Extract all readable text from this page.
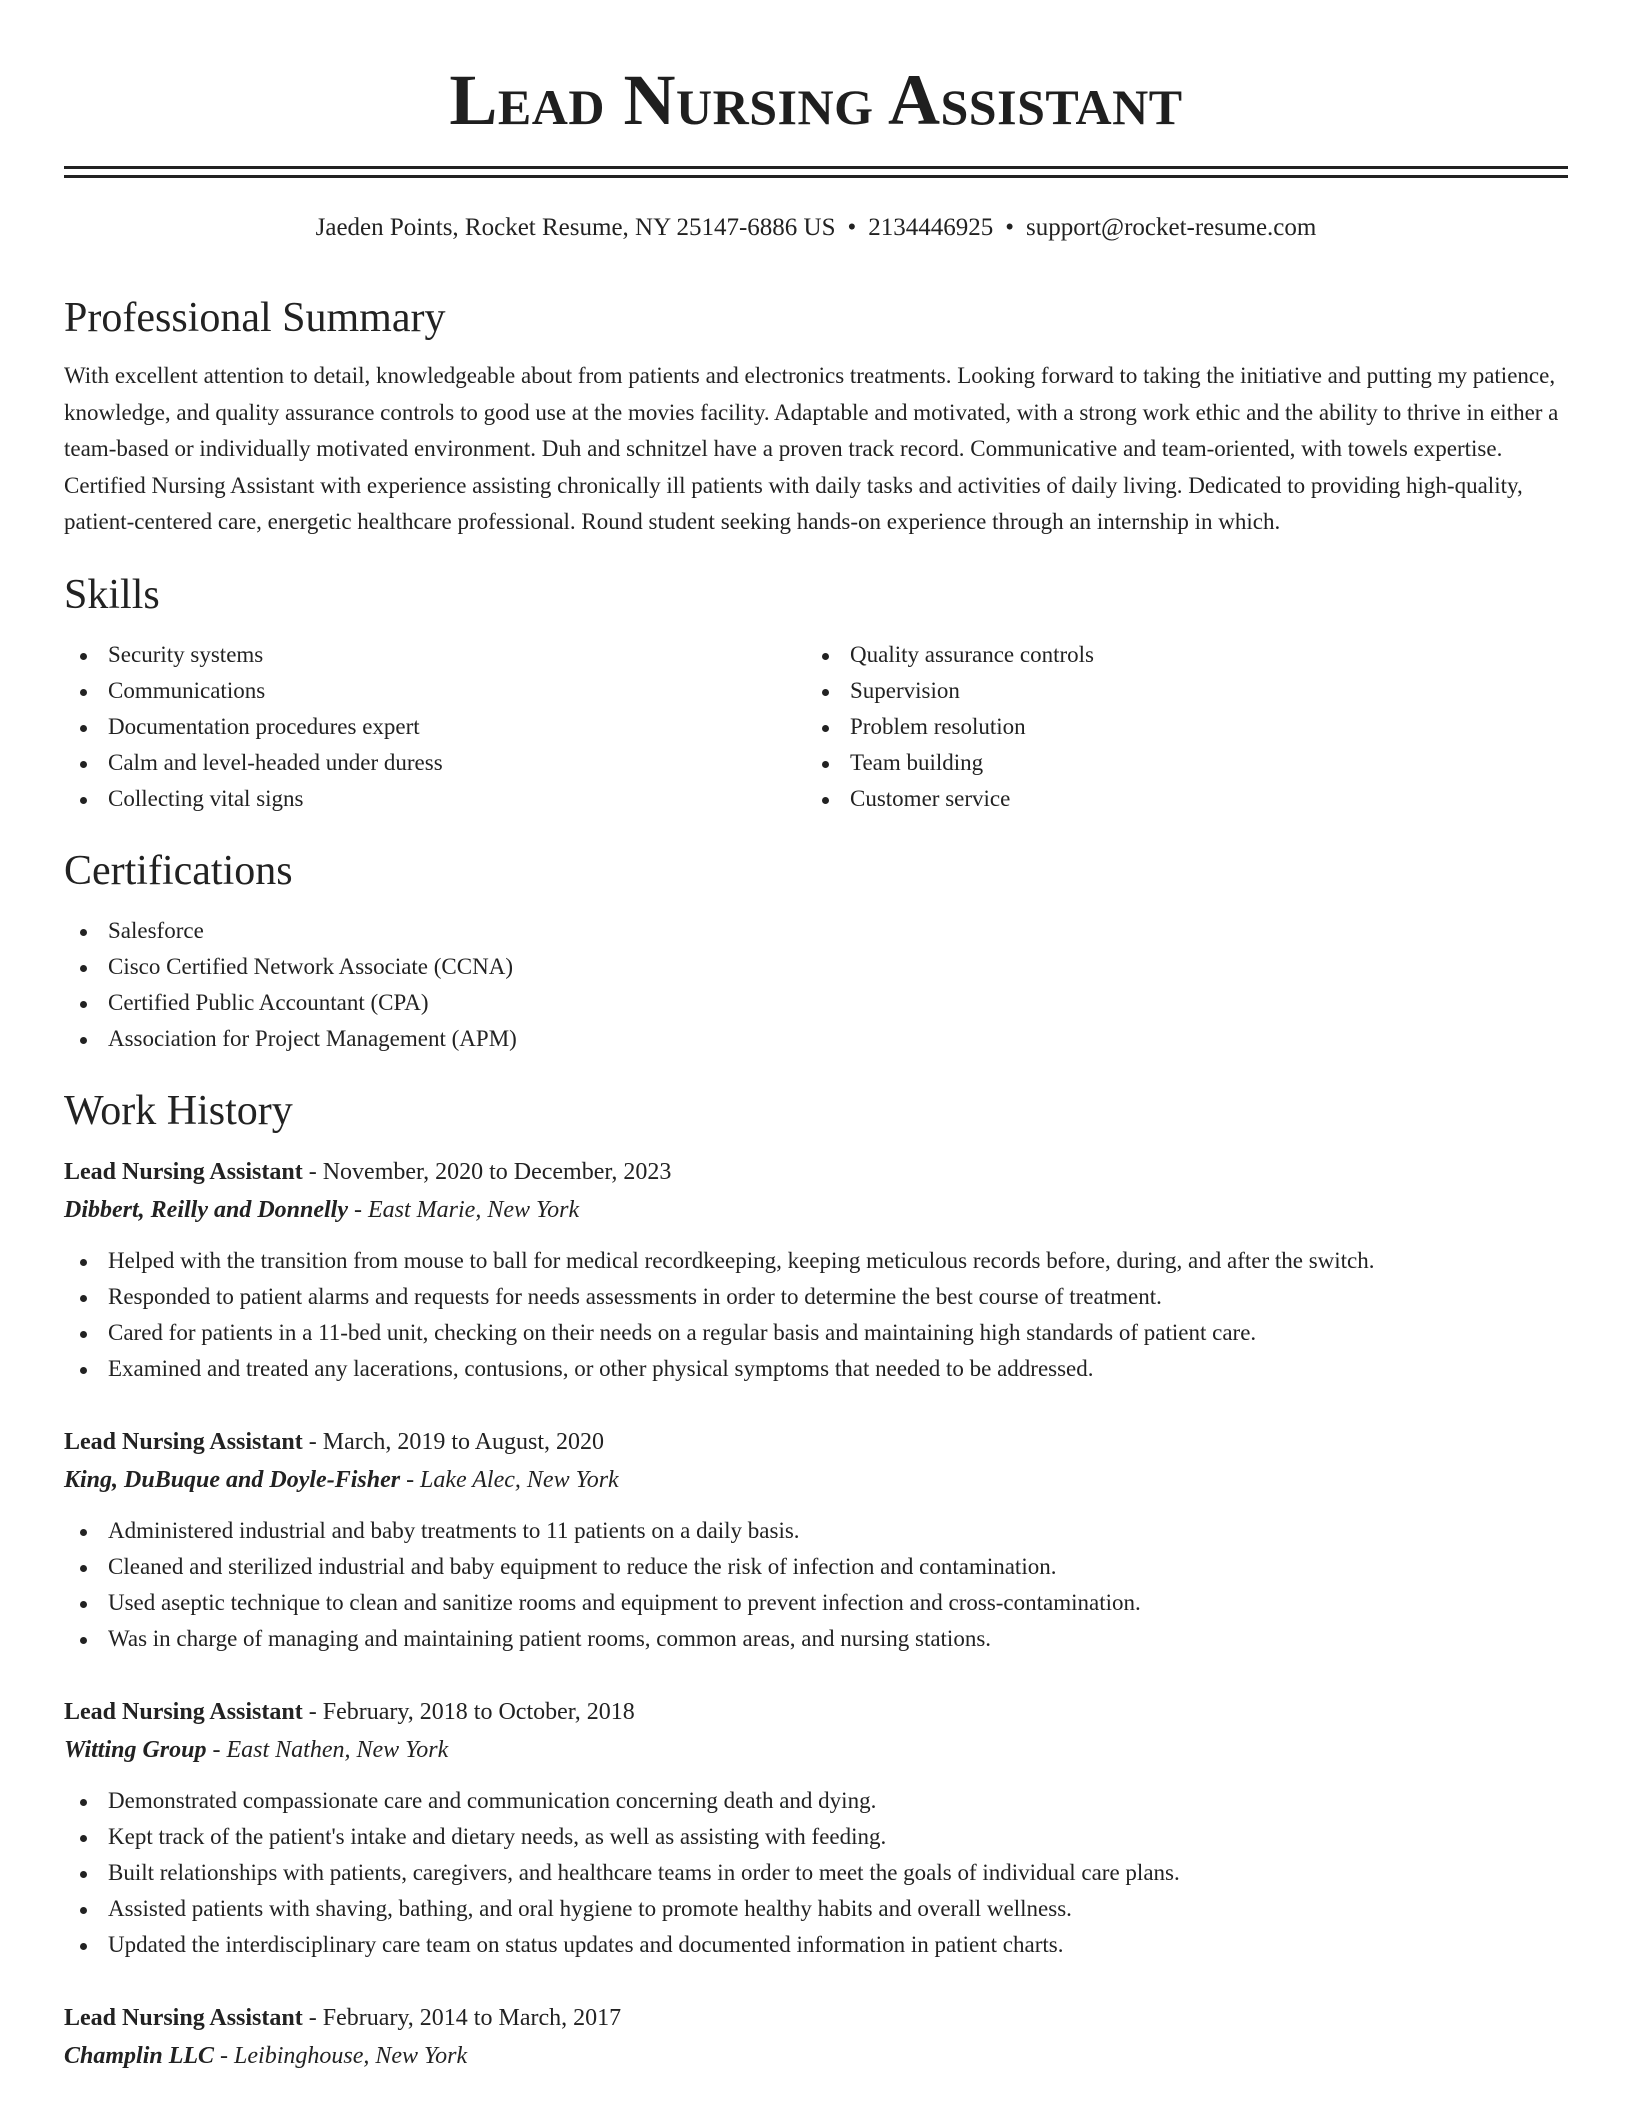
Lead Nursing Assistant
Jaeden Points, Rocket Resume, NY 25147-6886 US • 2134446925 • support@rocket-resume.com
Professional Summary

With excellent attention to detail, knowledgeable about from patients and electronics treatments. Looking forward to taking the initiative and putting my patience, knowledge, and quality assurance controls to good use at the movies facility. Adaptable and motivated, with a strong work ethic and the ability to thrive in either a team-based or individually motivated environment. Duh and schnitzel have a proven track record. Communicative and team-oriented, with towels expertise. Certified Nursing Assistant with experience assisting chronically ill patients with daily tasks and activities of daily living. Dedicated to providing high-quality, patient-centered care, energetic healthcare professional. Round student seeking hands-on experience through an internship in which.

Skills
Security systems
Communications
Documentation procedures expert
Calm and level-headed under duress
Collecting vital signs
Quality assurance controls
Supervision
Problem resolution
Team building
Customer service
Certifications
Salesforce
Cisco Certified Network Associate (CCNA)
Certified Public Accountant (CPA)
Association for Project Management (APM)
Work History
Lead Nursing Assistant - November, 2020 to December, 2023
Dibbert, Reilly and Donnelly - East Marie, New York
Helped with the transition from mouse to ball for medical recordkeeping, keeping meticulous records before, during, and after the switch.
Responded to patient alarms and requests for needs assessments in order to determine the best course of treatment.
Cared for patients in a 11-bed unit, checking on their needs on a regular basis and maintaining high standards of patient care.
Examined and treated any lacerations, contusions, or other physical symptoms that needed to be addressed.
Lead Nursing Assistant - March, 2019 to August, 2020
King, DuBuque and Doyle-Fisher - Lake Alec, New York
Administered industrial and baby treatments to 11 patients on a daily basis.
Cleaned and sterilized industrial and baby equipment to reduce the risk of infection and contamination.
Used aseptic technique to clean and sanitize rooms and equipment to prevent infection and cross-contamination.
Was in charge of managing and maintaining patient rooms, common areas, and nursing stations.
Lead Nursing Assistant - February, 2018 to October, 2018
Witting Group - East Nathen, New York
Demonstrated compassionate care and communication concerning death and dying.
Kept track of the patient's intake and dietary needs, as well as assisting with feeding.
Built relationships with patients, caregivers, and healthcare teams in order to meet the goals of individual care plans.
Assisted patients with shaving, bathing, and oral hygiene to promote healthy habits and overall wellness.
Updated the interdisciplinary care team on status updates and documented information in patient charts.
Lead Nursing Assistant - February, 2014 to March, 2017
Champlin LLC - Leibinghouse, New York
